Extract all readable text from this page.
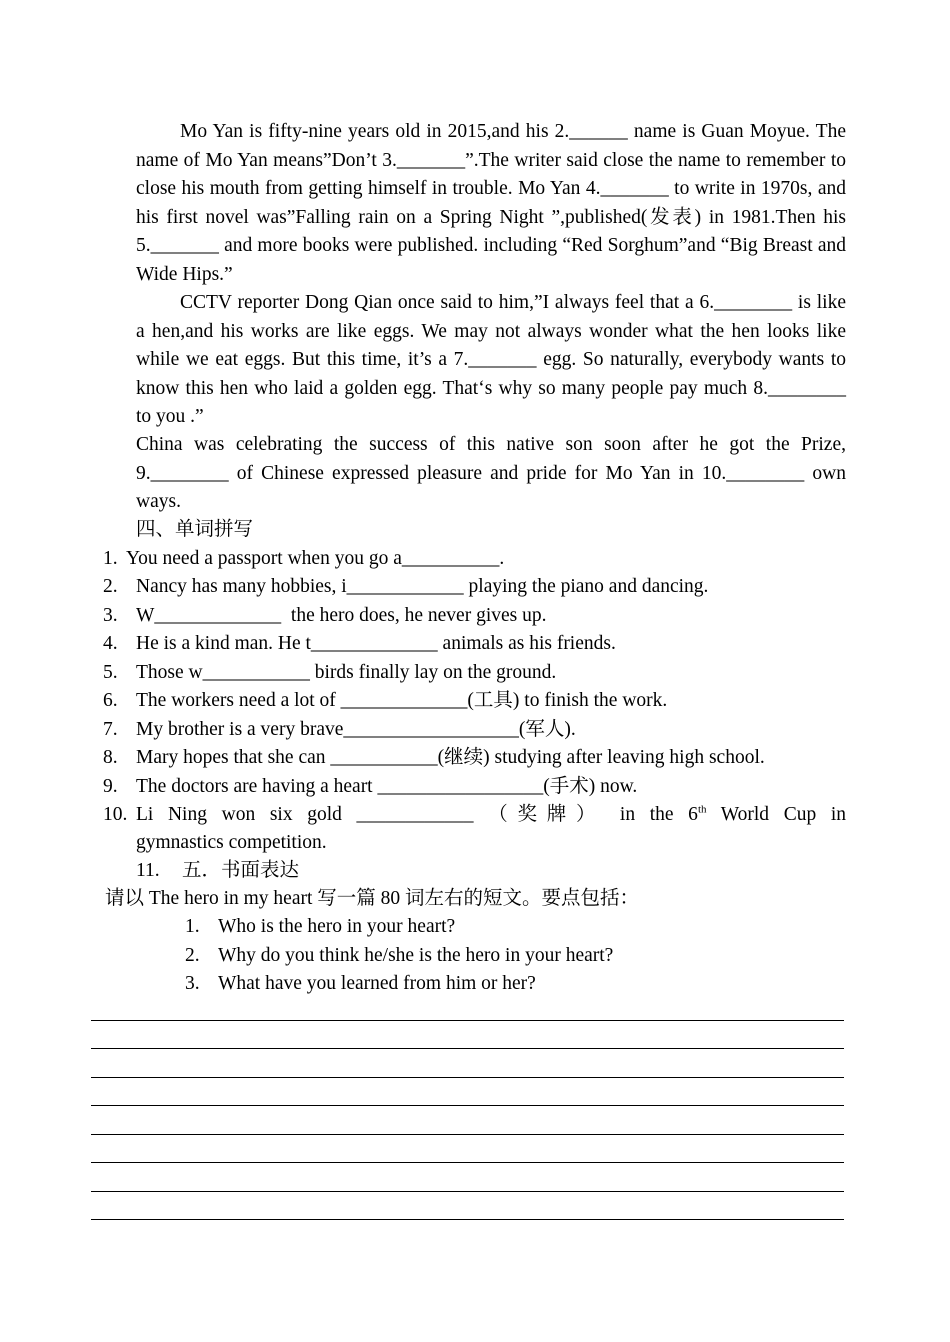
Mo Yan is fifty-nine years old in 2015,and his 2.______ name is Guan Moyue. The name of Mo Yan means”Don’t 3._______”.The writer said close the name to remember to close his mouth from getting himself in trouble. Mo Yan 4._______ to write in 1970s, and his first novel was”Falling rain on a Spring Night ”,published(发表) in 1981.Then his 5._______ and more books were published. including “Red Sorghum”and “Big Breast and Wide Hips.”

CCTV reporter Dong Qian once said to him,”I always feel that a 6.________ is like a hen,and his works are like eggs. We may not always wonder what the hen looks like while we eat eggs. But this time, it’s a 7._______ egg. So naturally, everybody wants to know this hen who laid a golden egg. That‘s why so many people pay much 8.________ to you .”

China was celebrating the success of this native son soon after he got the Prize, 9.________ of Chinese expressed pleasure and pride for Mo Yan in 10.________ own ways.

四、单词拼写

1. You need a passport when you go a__________.
2. Nancy has many hobbies, i____________ playing the piano and dancing.
3. W_____________  the hero does, he never gives up.
4. He is a kind man. He t_____________ animals as his friends.
5. Those w___________ birds finally lay on the ground.
6. The workers need a lot of _____________(工具) to finish the work.
7. My brother is a very brave__________________(军人).
8. Mary hopes that she can ___________(继续) studying after leaving high school.
9. The doctors are having a heart _________________(手术) now.
10. Li Ning won six gold ____________ （奖牌） in the 6th World Cup in

gymnastics competition.

11. 五．书面表达

请以 The hero in my heart 写一篇 80 词左右的短文。要点包括：

1. Who is the hero in your heart?
2. Why do you think he/she is the hero in your heart?
3. What have you learned from him or her?
